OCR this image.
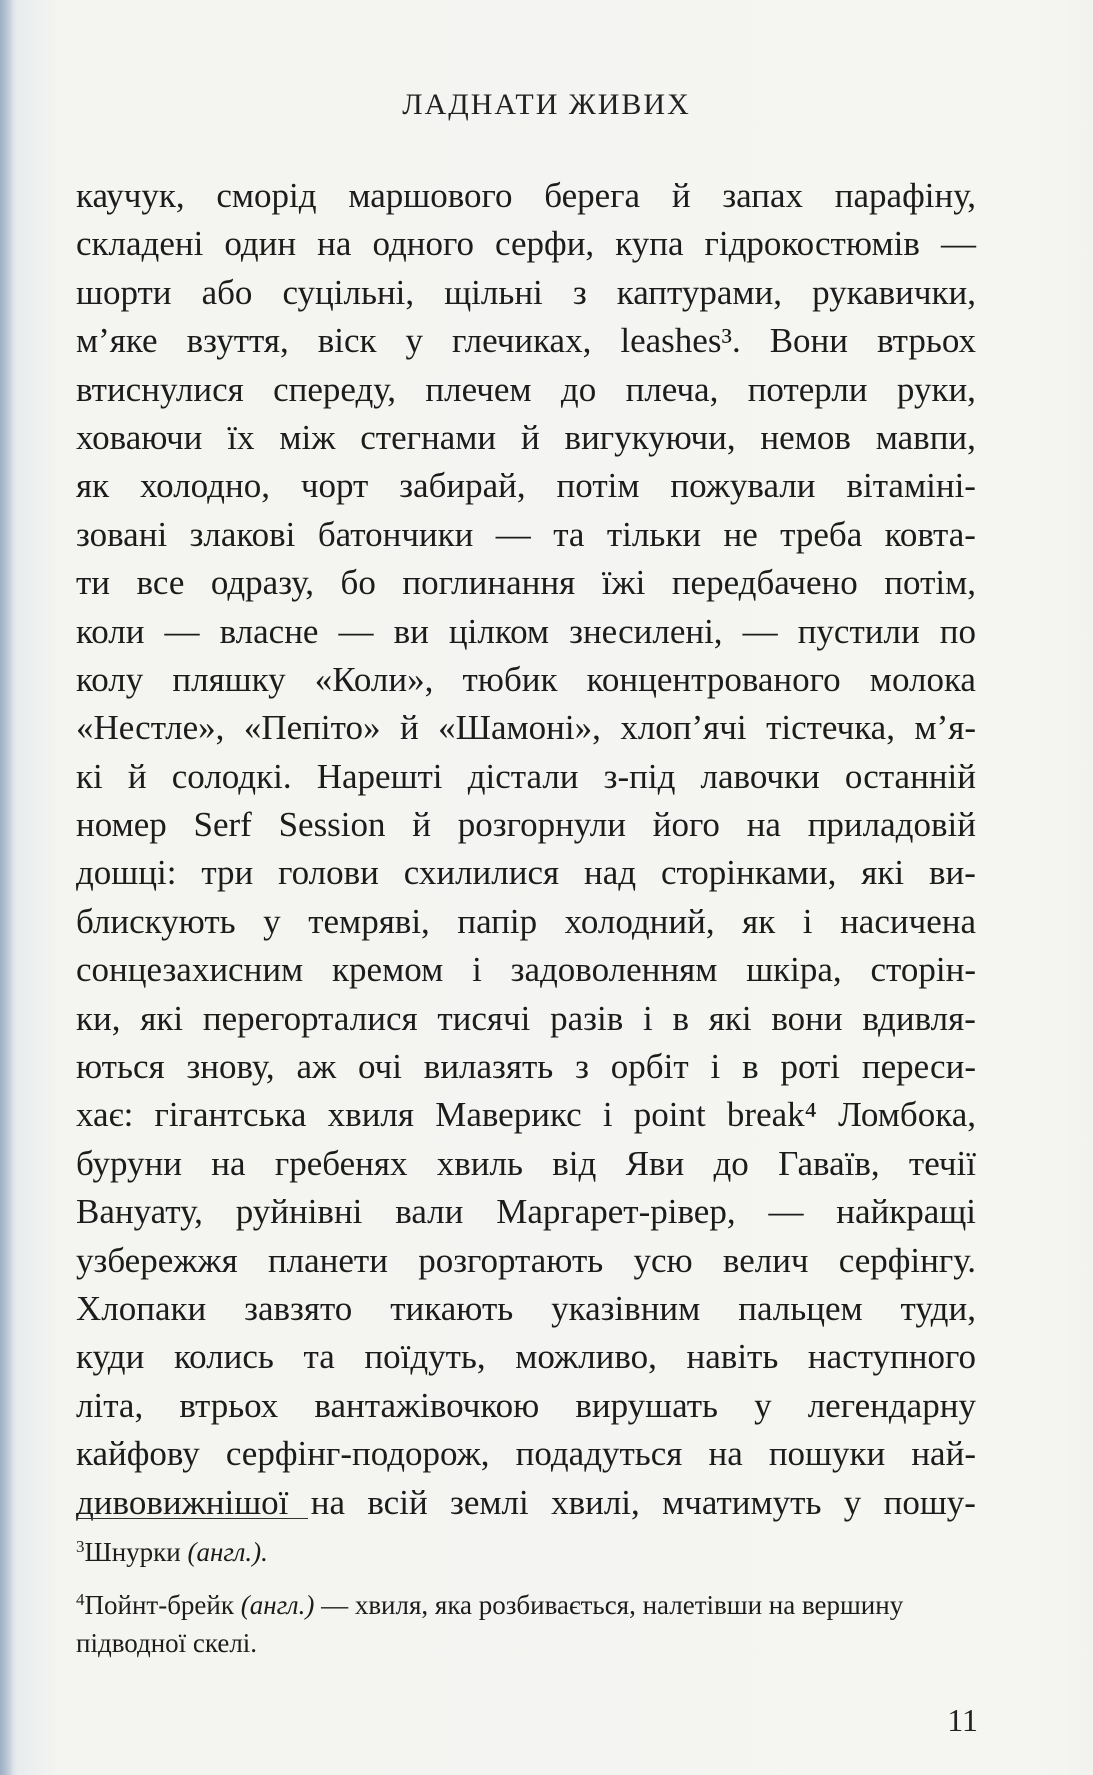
ЛАДНАТИ ЖИВИХ
каучук, сморід маршового берега й запах парафіну,
складені один на одного серфи, купа гідрокостюмів —
шорти або суцільні, щільні з каптурами, рукавички,
м’яке взуття, віск у глечиках, leashes³. Вони втрьох
втиснулися спереду, плечем до плеча, потерли руки,
ховаючи їх між стегнами й вигукуючи, немов мавпи,
як холодно, чорт забирай, потім пожували вітаміні-
зовані злакові батончики — та тільки не треба ковта-
ти все одразу, бо поглинання їжі передбачено потім,
коли — власне — ви цілком знесилені, — пустили по
колу пляшку «Коли», тюбик концентрованого молока
«Нестле», «Пепіто» й «Шамоні», хлоп’ячі тістечка, м’я-
кі й солодкі. Нарешті дістали з-під лавочки останній
номер Serf Session й розгорнули його на приладовій
дошці: три голови схилилися над сторінками, які ви-
блискують у темряві, папір холодний, як і насичена
сонцезахисним кремом і задоволенням шкіра, сторін-
ки, які перегорталися тисячі разів і в які вони вдивля-
ються знову, аж очі вилазять з орбіт і в роті переси-
хає: гігантська хвиля Маверикс і point break⁴ Ломбока,
буруни на гребенях хвиль від Яви до Гаваїв, течії
Вануату, руйнівні вали Маргарет-рівер, — найкращі
узбережжя планети розгортають усю велич серфінгу.
Хлопаки завзято тикають указівним пальцем туди,
куди колись та поїдуть, можливо, навіть наступного
літа, втрьох вантажівочкою вирушать у легендарну
кайфову серфінг-подорож, подадуться на пошуки най-
дивовижнішої на всій землі хвилі, мчатимуть у пошу-
$^3$Шнурки (англ.).
$^4$Пойнт-брейк (англ.) — хвиля, яка розбивається, налетівши на вершину підводної скелі.
11
